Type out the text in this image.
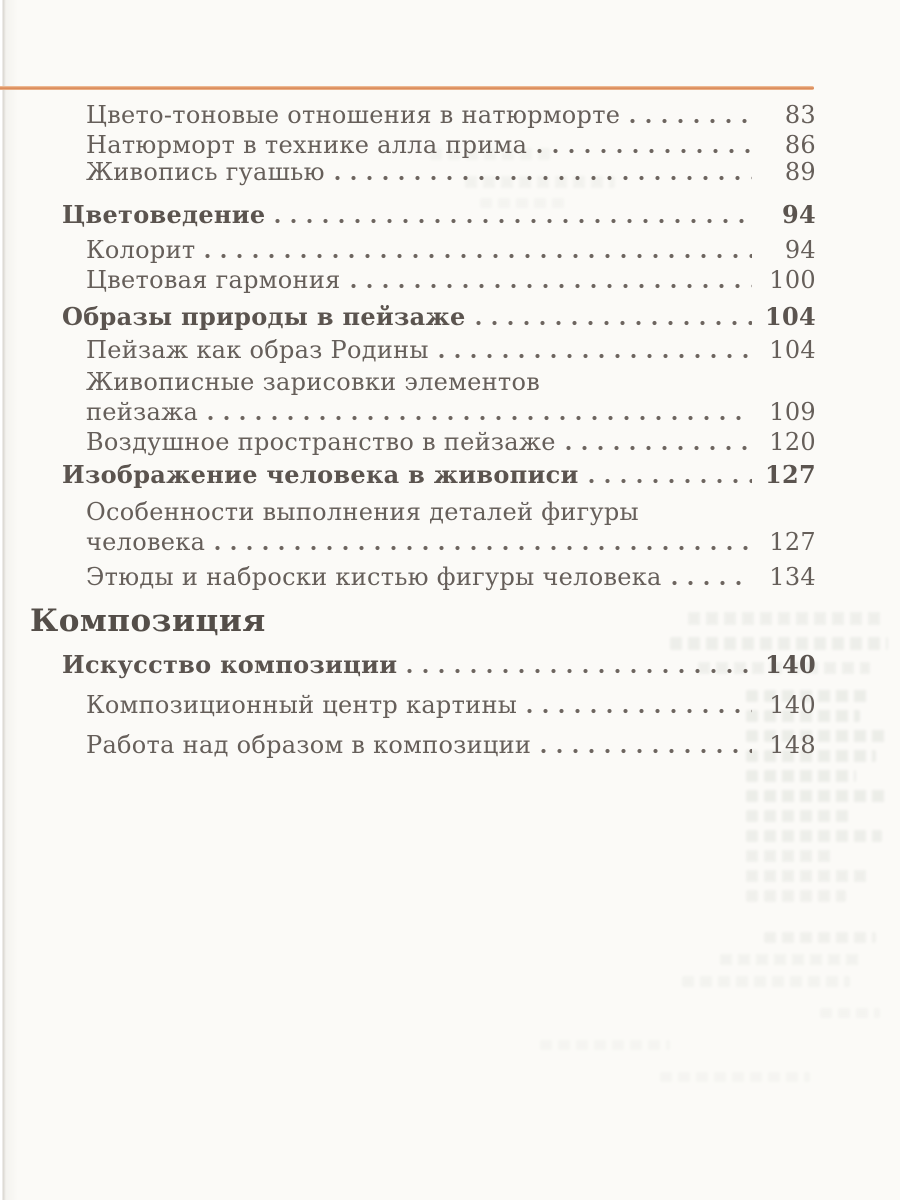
Цвето-тоновые отношения в натюрморте	83
Натюрморт в технике алла прима	86
Живопись гуашью	89
Цветоведение	94
Колорит	94
Цветовая гармония	100
Образы природы в пейзаже	104
Пейзаж как образ Родины	104
Живописные зарисовки элементов
пейзажа	109
Воздушное пространство в пейзаже	120
Изображение человека в живописи	127
Особенности выполнения деталей фигуры
человека	127
Этюды и наброски кистью фигуры человека	134
Композиция
Искусство композиции	140
Композиционный центр картины	140
Работа над образом в композиции	148
